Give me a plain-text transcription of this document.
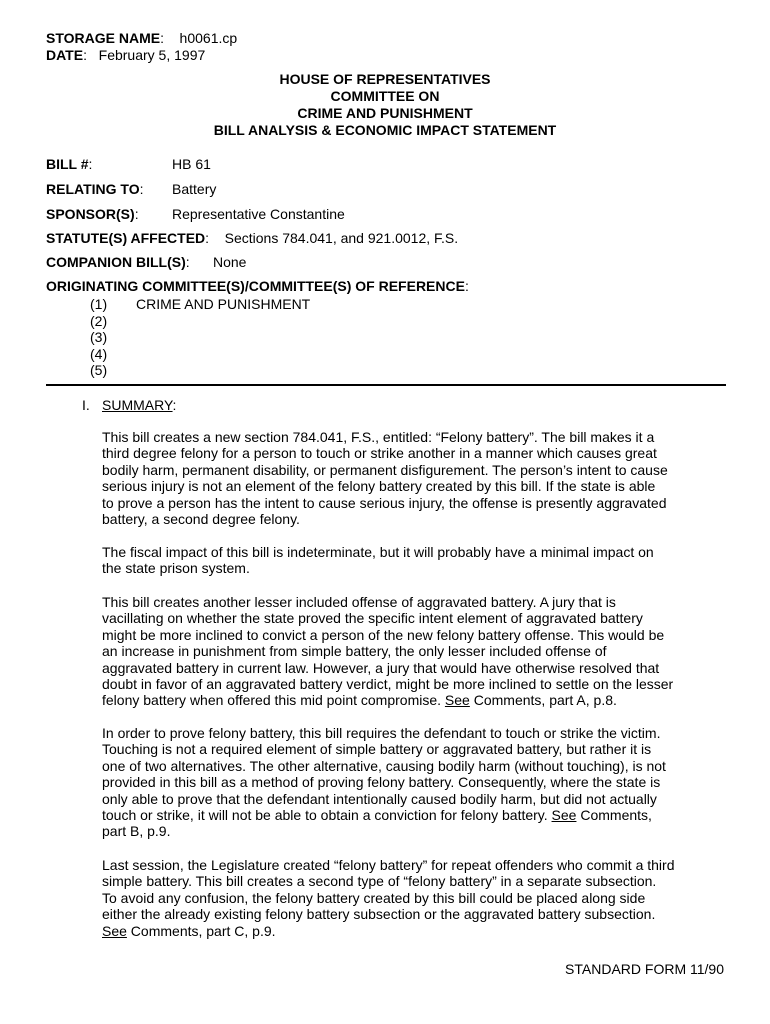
STORAGE NAME:    h0061.cp
DATE:   February 5, 1997
HOUSE OF REPRESENTATIVES
COMMITTEE ON
CRIME AND PUNISHMENT
BILL ANALYSIS & ECONOMIC IMPACT STATEMENT
BILL #:	HB 61
RELATING TO: Battery
SPONSOR(S): Representative Constantine
STATUTE(S) AFFECTED:    Sections 784.041, and 921.0012, F.S.
COMPANION BILL(S):      None
ORIGINATING COMMITTEE(S)/COMMITTEE(S) OF REFERENCE:
(1) CRIME AND PUNISHMENT
(2)
(3)
(4)
(5)
I. SUMMARY:
This bill creates a new section 784.041, F.S., entitled: “Felony battery”. The bill makes it a
third degree felony for a person to touch or strike another in a manner which causes great
bodily harm, permanent disability, or permanent disfigurement. The person’s intent to cause
serious injury is not an element of the felony battery created by this bill. If the state is able
to prove a person has the intent to cause serious injury, the offense is presently aggravated
battery, a second degree felony.
The fiscal impact of this bill is indeterminate, but it will probably have a minimal impact on
the state prison system.
This bill creates another lesser included offense of aggravated battery. A jury that is
vacillating on whether the state proved the specific intent element of aggravated battery
might be more inclined to convict a person of the new felony battery offense. This would be
an increase in punishment from simple battery, the only lesser included offense of
aggravated battery in current law. However, a jury that would have otherwise resolved that
doubt in favor of an aggravated battery verdict, might be more inclined to settle on the lesser
felony battery when offered this mid point compromise. See Comments, part A, p.8.
In order to prove felony battery, this bill requires the defendant to touch or strike the victim.
Touching is not a required element of simple battery or aggravated battery, but rather it is
one of two alternatives. The other alternative, causing bodily harm (without touching), is not
provided in this bill as a method of proving felony battery. Consequently, where the state is
only able to prove that the defendant intentionally caused bodily harm, but did not actually
touch or strike, it will not be able to obtain a conviction for felony battery. See Comments,
part B, p.9.
Last session, the Legislature created “felony battery” for repeat offenders who commit a third
simple battery. This bill creates a second type of “felony battery” in a separate subsection.
To avoid any confusion, the felony battery created by this bill could be placed along side
either the already existing felony battery subsection or the aggravated battery subsection.
See Comments, part C, p.9.
STANDARD FORM 11/90
